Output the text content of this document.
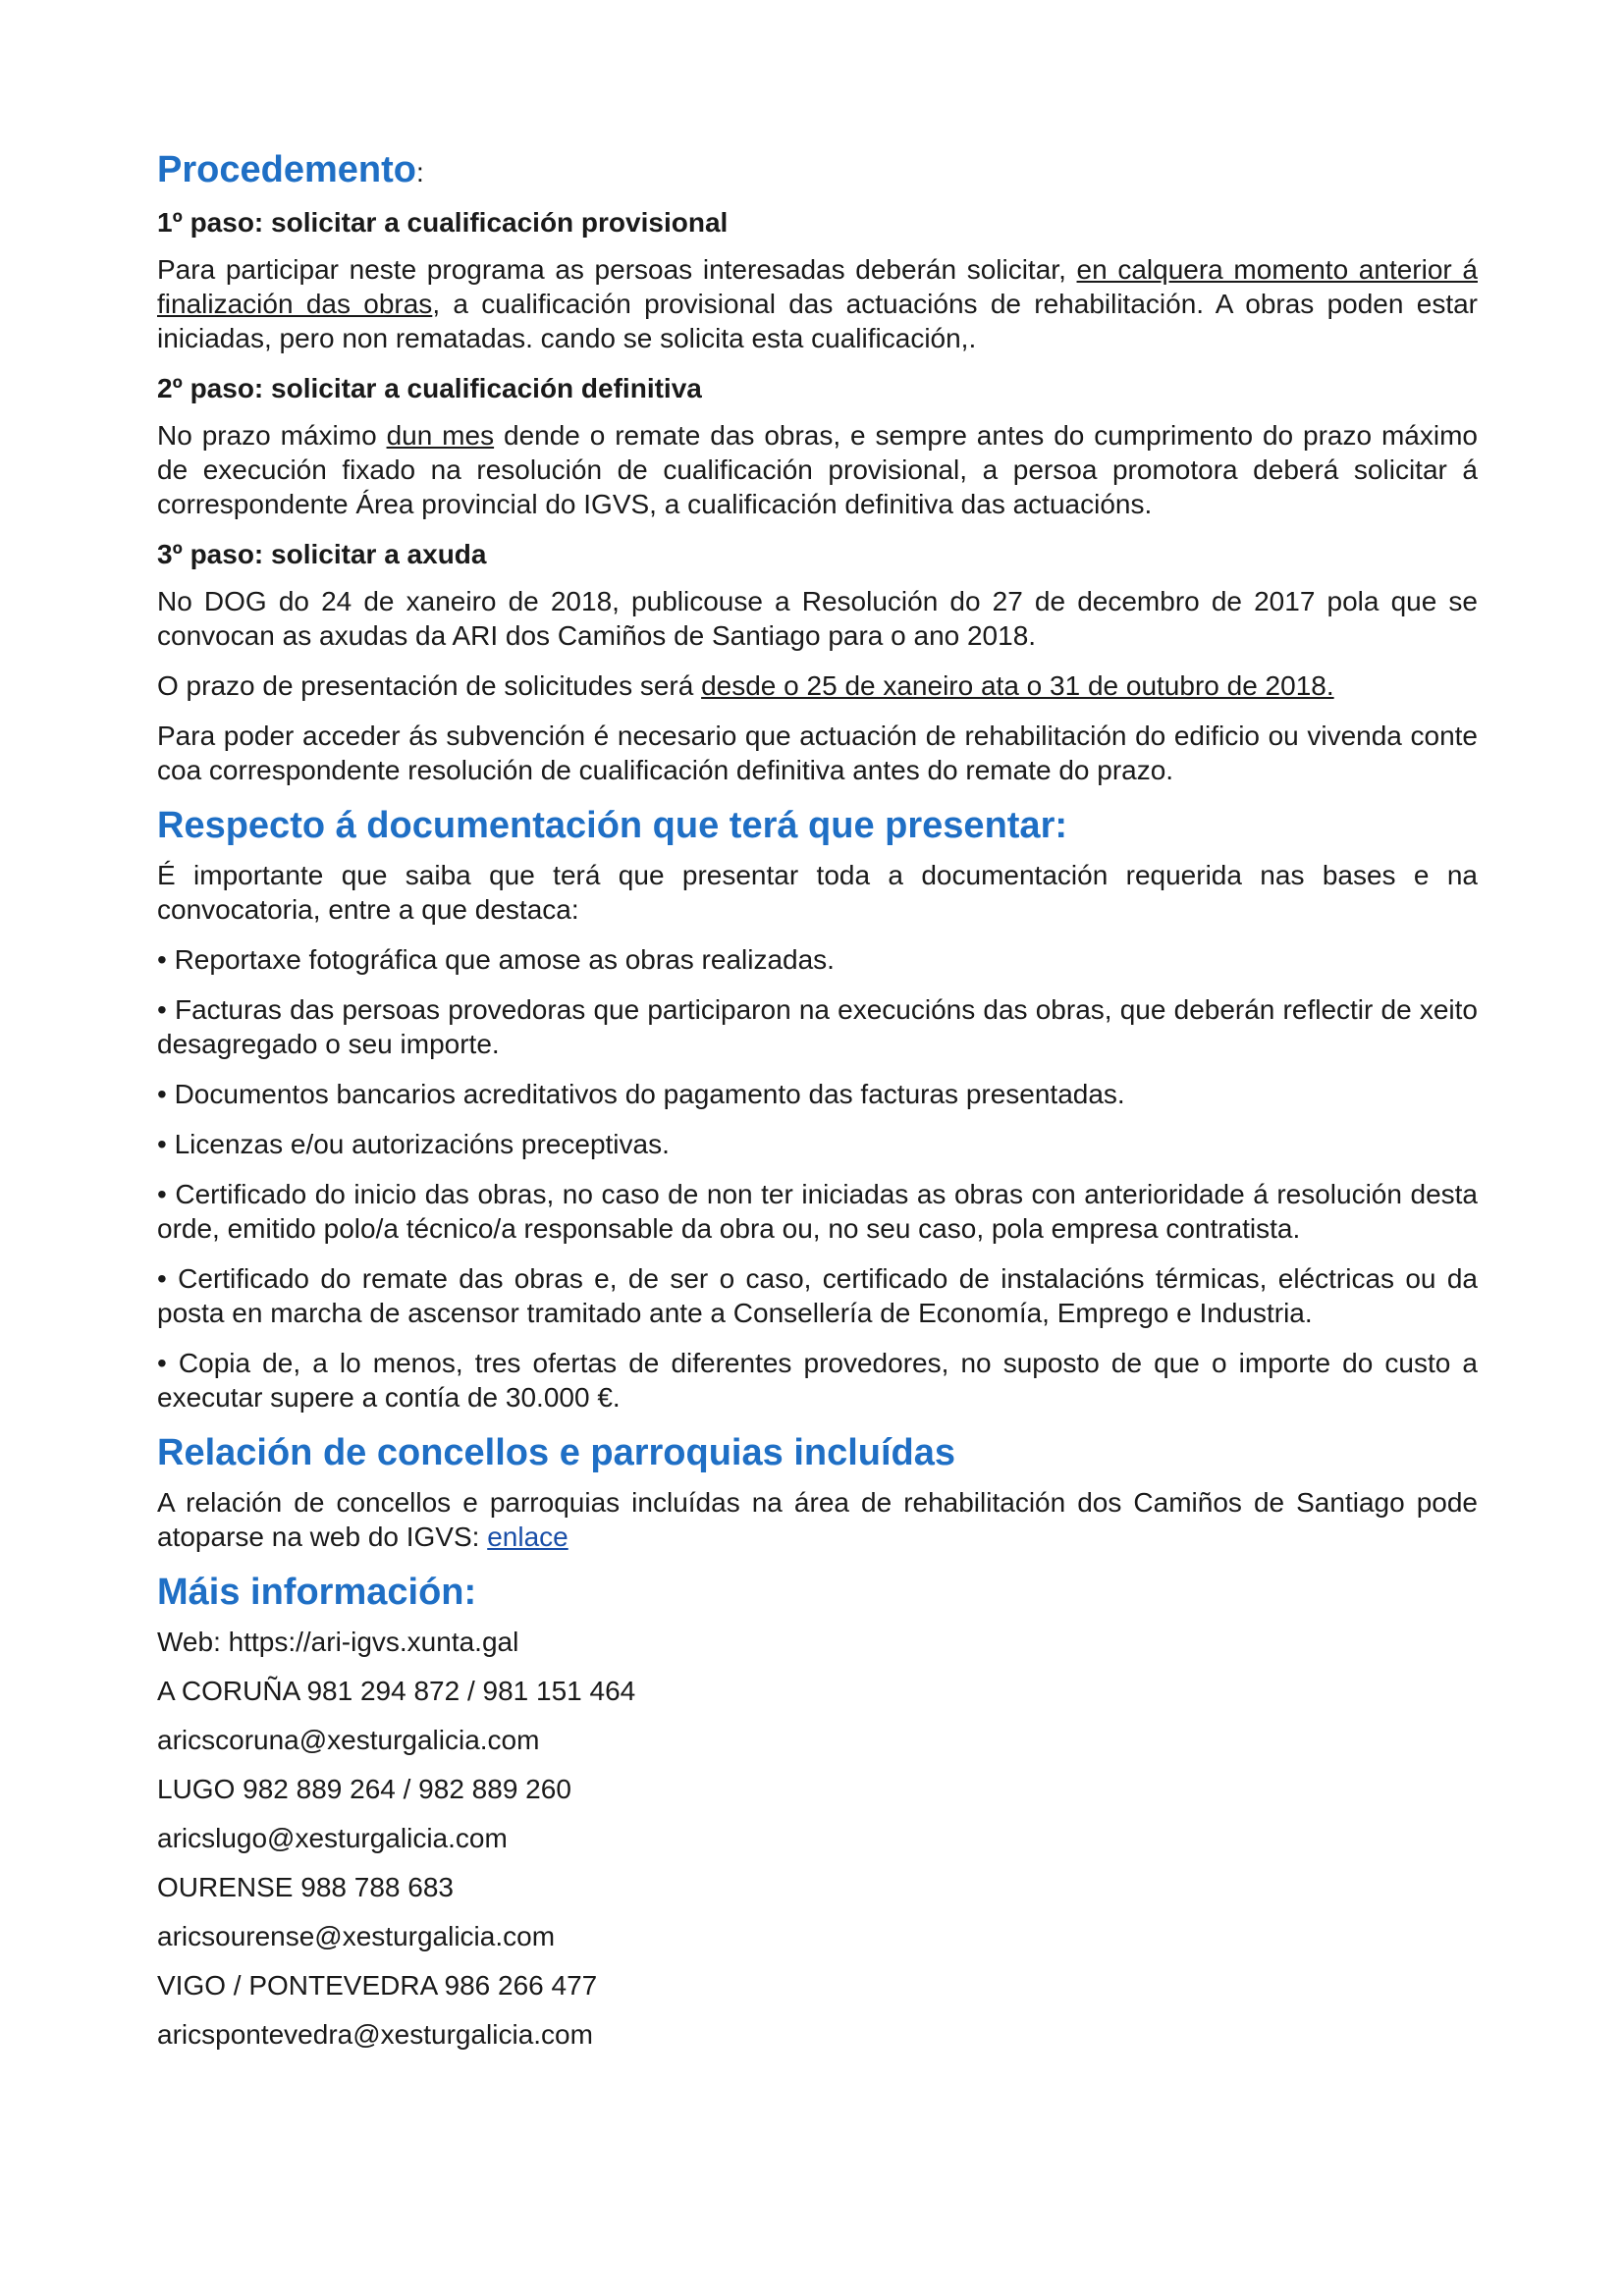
Procedemento:
1º paso: solicitar a cualificación provisional

Para participar neste programa as persoas interesadas deberán solicitar, en calquera momento anterior á finalización das obras, a cualificación provisional das actuacións de rehabilitación. A obras poden estar iniciadas, pero non rematadas. cando se solicita esta cualificación,.

2º paso: solicitar a cualificación definitiva

No prazo máximo dun mes dende o remate das obras, e sempre antes do cumprimento do prazo máximo de execución fixado na resolución de cualificación provisional, a persoa promotora deberá solicitar á correspondente Área provincial do IGVS, a cualificación definitiva das actuacións.

3º paso: solicitar a axuda

No DOG do 24 de xaneiro de 2018, publicouse a Resolución do 27 de decembro de 2017 pola que se convocan as axudas da ARI dos Camiños de Santiago para o ano 2018.

O prazo de presentación de solicitudes será desde o 25 de xaneiro ata o 31 de outubro de 2018.

Para poder acceder ás subvención é necesario que actuación de rehabilitación do edificio ou vivenda conte coa correspondente resolución de cualificación definitiva antes do remate do prazo.

Respecto á documentación que terá que presentar:

É importante que saiba que terá que presentar toda a documentación requerida nas bases e na convocatoria, entre a que destaca:

• Reportaxe fotográfica que amose as obras realizadas.

• Facturas das persoas provedoras que participaron na execucións das obras, que deberán reflectir de xeito desagregado o seu importe.

• Documentos bancarios acreditativos do pagamento das facturas presentadas.

• Licenzas e/ou autorizacións preceptivas.

• Certificado do inicio das obras, no caso de non ter iniciadas as obras con anterioridade á resolución desta orde, emitido polo/a técnico/a responsable da obra ou, no seu caso, pola empresa contratista.

• Certificado do remate das obras e, de ser o caso, certificado de instalacións térmicas, eléctricas ou da posta en marcha de ascensor tramitado ante a Consellería de Economía, Emprego e Industria.

• Copia de, a lo menos, tres ofertas de diferentes provedores, no suposto de que o importe do custo a executar supere a contía de 30.000 €.

Relación de concellos e parroquias incluídas

A relación de concellos e parroquias incluídas na área de rehabilitación dos Camiños de Santiago pode atoparse na web do IGVS: enlace

Máis información:

Web: https://ari-igvs.xunta.gal

A CORUÑA 981 294 872 / 981 151 464

aricscoruna@xesturgalicia.com

LUGO 982 889 264 / 982 889 260

aricslugo@xesturgalicia.com

OURENSE 988 788 683

aricsourense@xesturgalicia.com

VIGO / PONTEVEDRA 986 266 477

aricspontevedra@xesturgalicia.com
